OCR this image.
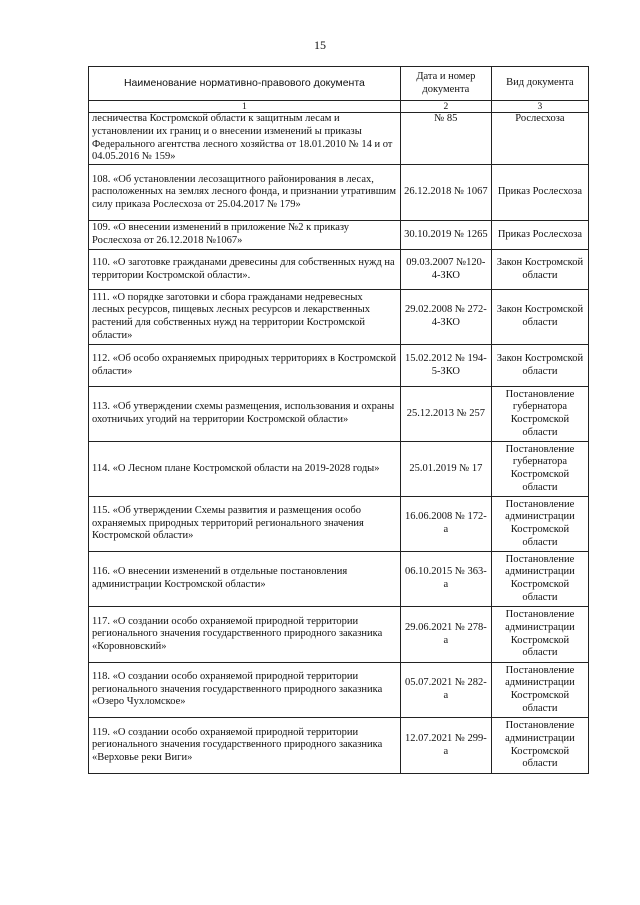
15
Наименование нормативно-правового документа	Дата и номер документа	Вид документа
1	2	3
лесничества Костромской области к защитным лесам и установлении их границ и о внесении изменений ы приказы Федерального агентства лесного хозяйства от 18.01.2010 № 14 и от 04.05.2016 № 159»	№ 85	Рослесхоза
108. «Об установлении лесозащитного районирования в лесах, расположенных на землях лесного фонда, и признании утратившим силу приказа Рослесхоза от 25.04.2017 № 179»	26.12.2018 № 1067	Приказ Рослесхоза
109. «О внесении изменений в приложение №2 к приказу Рослесхоза от 26.12.2018 №1067»	30.10.2019 № 1265	Приказ Рослесхоза
110. «О заготовке гражданами древесины для собственных нужд на территории Костромской области».	09.03.2007 №120-4-ЗКО	Закон Костромской области
111. «О порядке заготовки и сбора гражданами недревесных лесных ресурсов, пищевых лесных ресурсов и лекарственных растений для собственных нужд на территории Костромской области»	29.02.2008 № 272-4-ЗКО	Закон Костромской области
112. «Об особо охраняемых природных территориях в Костромской области»	15.02.2012 № 194-5-ЗКО	Закон Костромской области
113. «Об утверждении схемы размещения, использования и охраны охотничьих угодий на территории Костромской области»	25.12.2013 № 257	Постановление губернатора Костромской области
114. «О Лесном плане Костромской области на 2019-2028 годы»	25.01.2019 № 17	Постановление губернатора Костромской области
115. «Об утверждении Схемы развития и размещения особо охраняемых природных территорий регионального значения Костромской области»	16.06.2008 № 172-а	Постановление администрации Костромской области
116. «О внесении изменений в отдельные постановления администрации Костромской области»	06.10.2015 № 363-а	Постановление администрации Костромской области
117. «О создании особо охраняемой природной территории регионального значения государственного природного заказника «Коровновский»	29.06.2021 № 278-а	Постановление администрации Костромской области
118. «О создании особо охраняемой природной территории регионального значения государственного природного заказника «Озеро Чухломское»	05.07.2021 № 282-а	Постановление администрации Костромской области
119. «О создании особо охраняемой природной территории регионального значения государственного природного заказника «Верховье реки Виги»	12.07.2021 № 299-а	Постановление администрации Костромской области
